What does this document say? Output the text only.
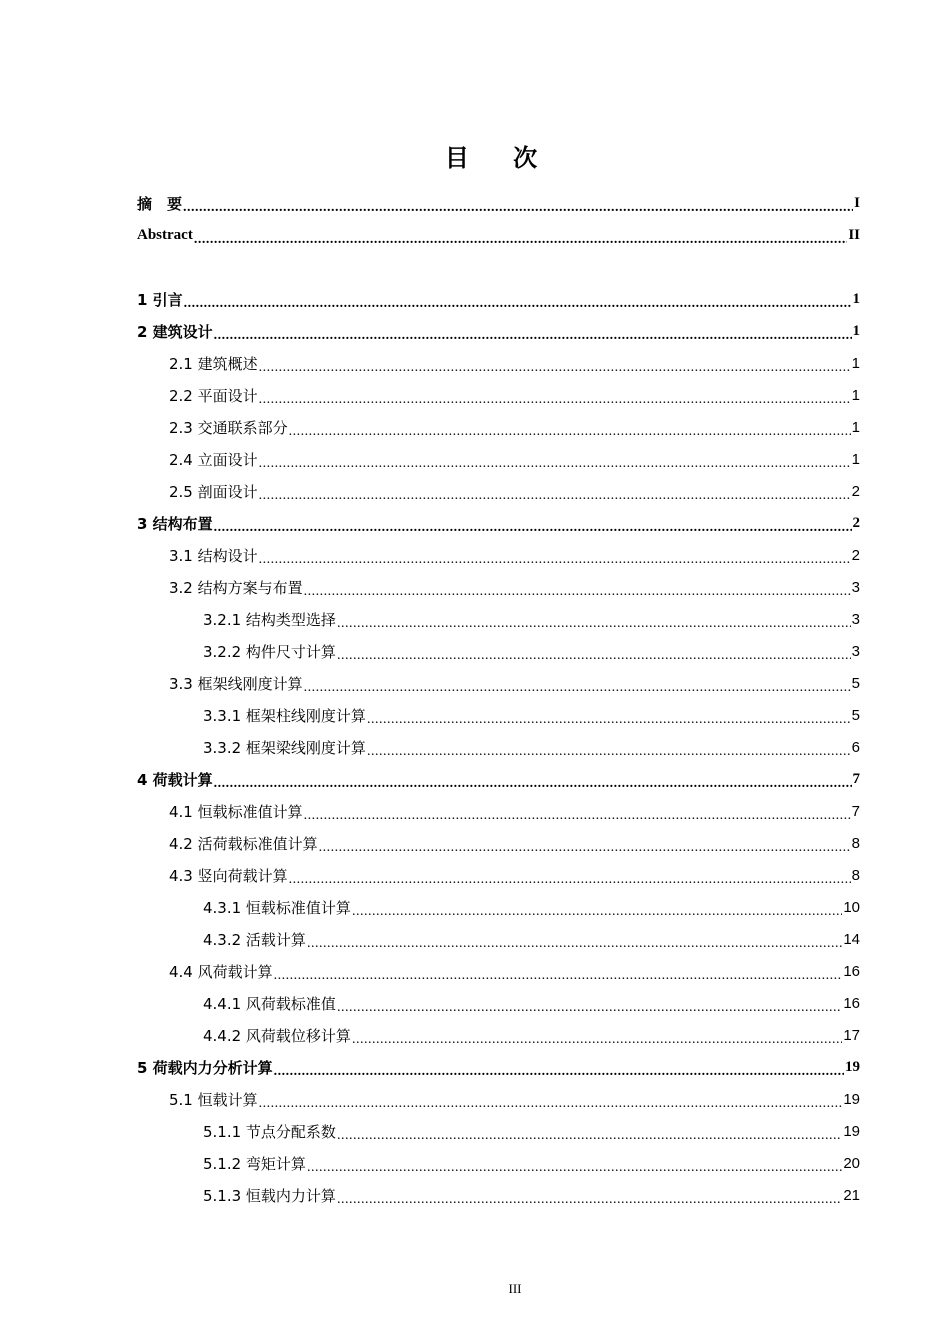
目 次
摘　要 .....	I
Abstract .....	II
1 引言 .....	1
2 建筑设计 .....	1
2.1 建筑概述 .....	1
2.2 平面设计 .....	1
2.3 交通联系部分 .....	1
2.4 立面设计 .....	1
2.5 剖面设计 .....	2
3 结构布置 .....	2
3.1 结构设计 .....	2
3.2 结构方案与布置 .....	3
3.2.1 结构类型选择 .....	3
3.2.2 构件尺寸计算 .....	3
3.3 框架线刚度计算 .....	5
3.3.1 框架柱线刚度计算 .....	5
3.3.2 框架梁线刚度计算 .....	6
4 荷载计算 .....	7
4.1 恒载标准值计算 .....	7
4.2 活荷载标准值计算 .....	8
4.3 竖向荷载计算 .....	8
4.3.1 恒载标准值计算 .....	10
4.3.2 活载计算 .....	14
4.4 风荷载计算 .....	16
4.4.1 风荷载标准值 .....	16
4.4.2 风荷载位移计算 .....	17
5 荷载内力分析计算 .....	19
5.1 恒载计算 .....	19
5.1.1 节点分配系数 .....	19
5.1.2 弯矩计算 .....	20
5.1.3 恒载内力计算 .....	21
III
